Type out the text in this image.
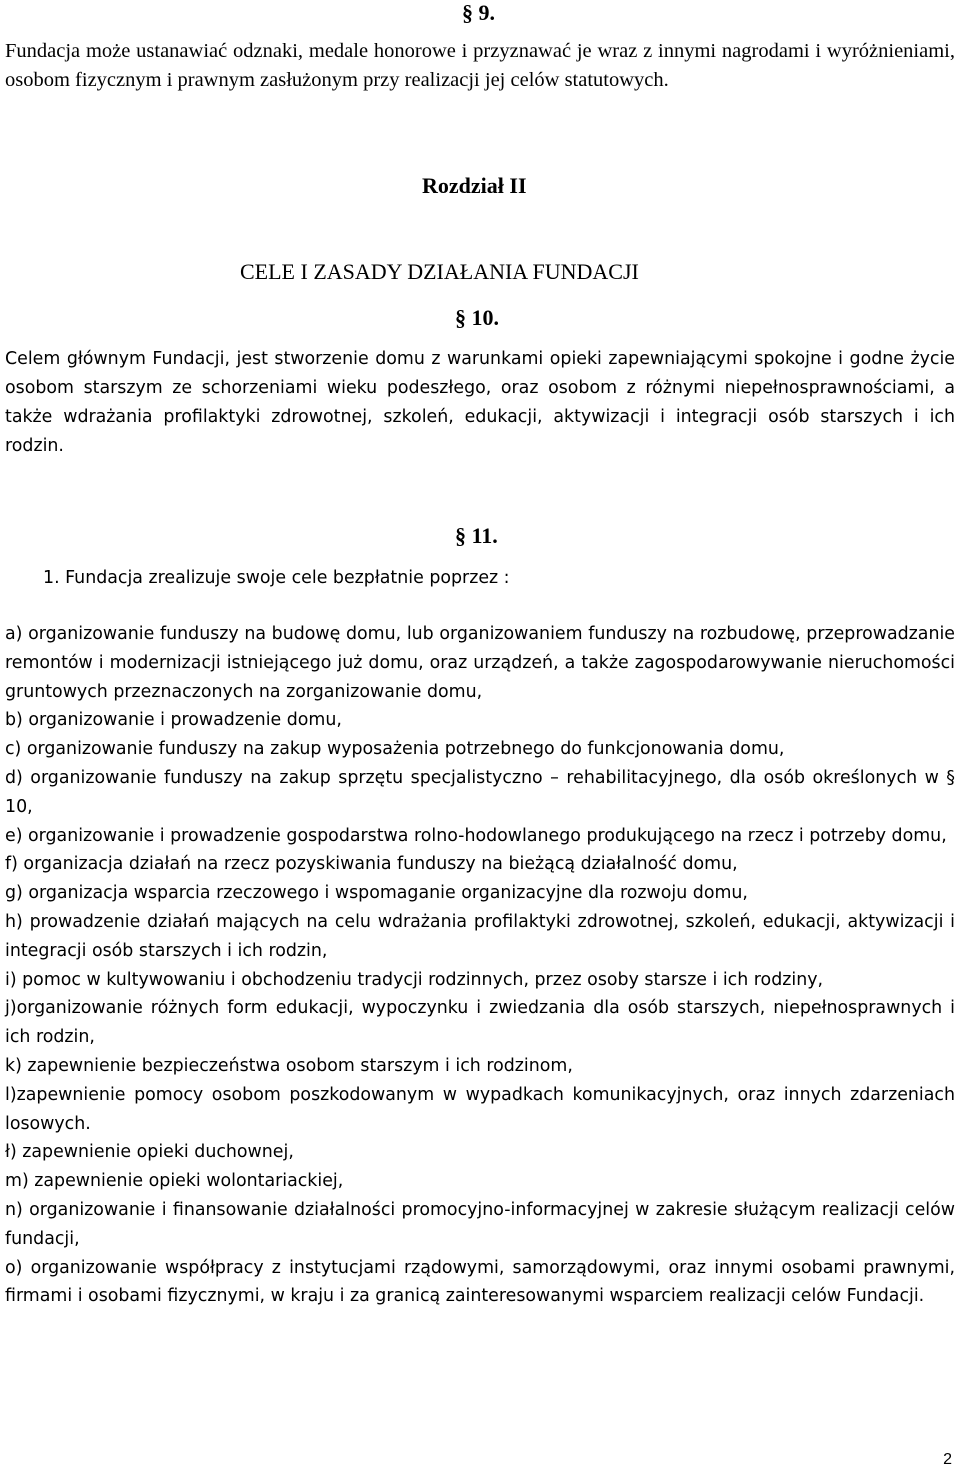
§ 9.
Fundacja może ustanawiać odznaki, medale honorowe i przyznawać je wraz z innymi nagrodami i wyróżnieniami, osobom fizycznym i prawnym zasłużonym przy realizacji jej celów statutowych.
Rozdział II
CELE I ZASADY DZIAŁANIA FUNDACJI
§ 10.
Celem głównym Fundacji, jest stworzenie domu z warunkami opieki zapewniającymi spokojne i godne życie osobom starszym ze schorzeniami wieku podeszłego, oraz osobom z różnymi niepełnosprawnościami, a także wdrażania profilaktyki zdrowotnej, szkoleń, edukacji, aktywizacji i integracji osób starszych i ich rodzin.
§ 11.
1. Fundacja zrealizuje swoje cele bezpłatnie poprzez :
a) organizowanie funduszy na budowę domu, lub organizowaniem funduszy na rozbudowę, przeprowadzanie remontów i modernizacji istniejącego już domu, oraz urządzeń, a także zagospodarowywanie nieruchomości gruntowych przeznaczonych na zorganizowanie domu,
b) organizowanie i prowadzenie domu,
c) organizowanie funduszy na zakup wyposażenia potrzebnego do funkcjonowania domu,
d) organizowanie funduszy na zakup sprzętu specjalistyczno – rehabilitacyjnego, dla osób określonych w § 10,
e) organizowanie i prowadzenie gospodarstwa rolno-hodowlanego produkującego na rzecz i potrzeby domu,
f) organizacja działań na rzecz pozyskiwania funduszy na bieżącą działalność domu,
g) organizacja wsparcia rzeczowego i wspomaganie organizacyjne dla rozwoju domu,
h) prowadzenie działań mających na celu wdrażania profilaktyki zdrowotnej, szkoleń, edukacji, aktywizacji i integracji osób starszych i ich rodzin,
i) pomoc w kultywowaniu i obchodzeniu tradycji rodzinnych, przez osoby starsze i ich rodziny,
j)organizowanie różnych form edukacji, wypoczynku i zwiedzania dla osób starszych, niepełnosprawnych i ich rodzin,
k) zapewnienie bezpieczeństwa osobom starszym i ich rodzinom,
l)zapewnienie pomocy osobom poszkodowanym w wypadkach komunikacyjnych, oraz innych zdarzeniach losowych.
ł) zapewnienie opieki duchownej,
m) zapewnienie opieki wolontariackiej,
n) organizowanie i finansowanie działalności promocyjno-informacyjnej w zakresie służącym realizacji celów fundacji,
o) organizowanie współpracy z instytucjami rządowymi, samorządowymi, oraz innymi osobami prawnymi, firmami i osobami fizycznymi, w kraju i za granicą zainteresowanymi wsparciem realizacji celów Fundacji.
2
